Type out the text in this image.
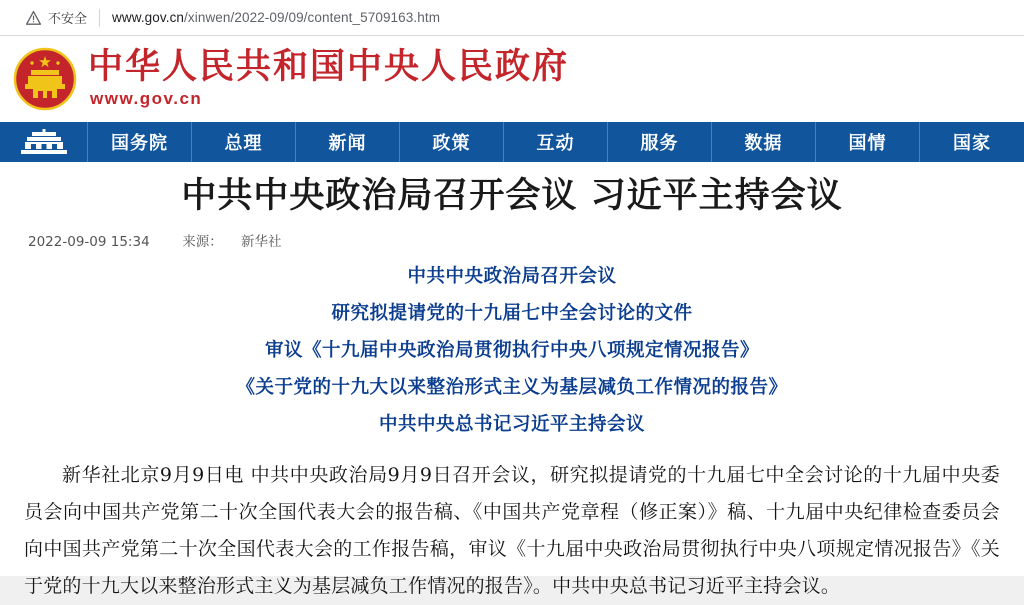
不安全 www.gov.cn/xinwen/2022-09/09/content_5709163.htm
中华人民共和国中央人民政府
www.gov.cn
国务院	总理	新闻	政策	互动	服务	数据	国情	国家
中共中央政治局召开会议 习近平主持会议
2022-09-09 15:34 来源： 新华社
中共中央政治局召开会议
研究拟提请党的十九届七中全会讨论的文件
审议《十九届中央政治局贯彻执行中央八项规定情况报告》
《关于党的十九大以来整治形式主义为基层减负工作情况的报告》
中共中央总书记习近平主持会议
新华社北京9月9日电 中共中央政治局9月9日召开会议，研究拟提请党的十九届七中全会讨论的十九届中央委员会向中国共产党第二十次全国代表大会的报告稿、《中国共产党章程（修正案）》稿、十九届中央纪律检查委员会向中国共产党第二十次全国代表大会的工作报告稿，审议《十九届中央政治局贯彻执行中央八项规定情况报告》《关于党的十九大以来整治形式主义为基层减负工作情况的报告》。中共中央总书记习近平主持会议。
